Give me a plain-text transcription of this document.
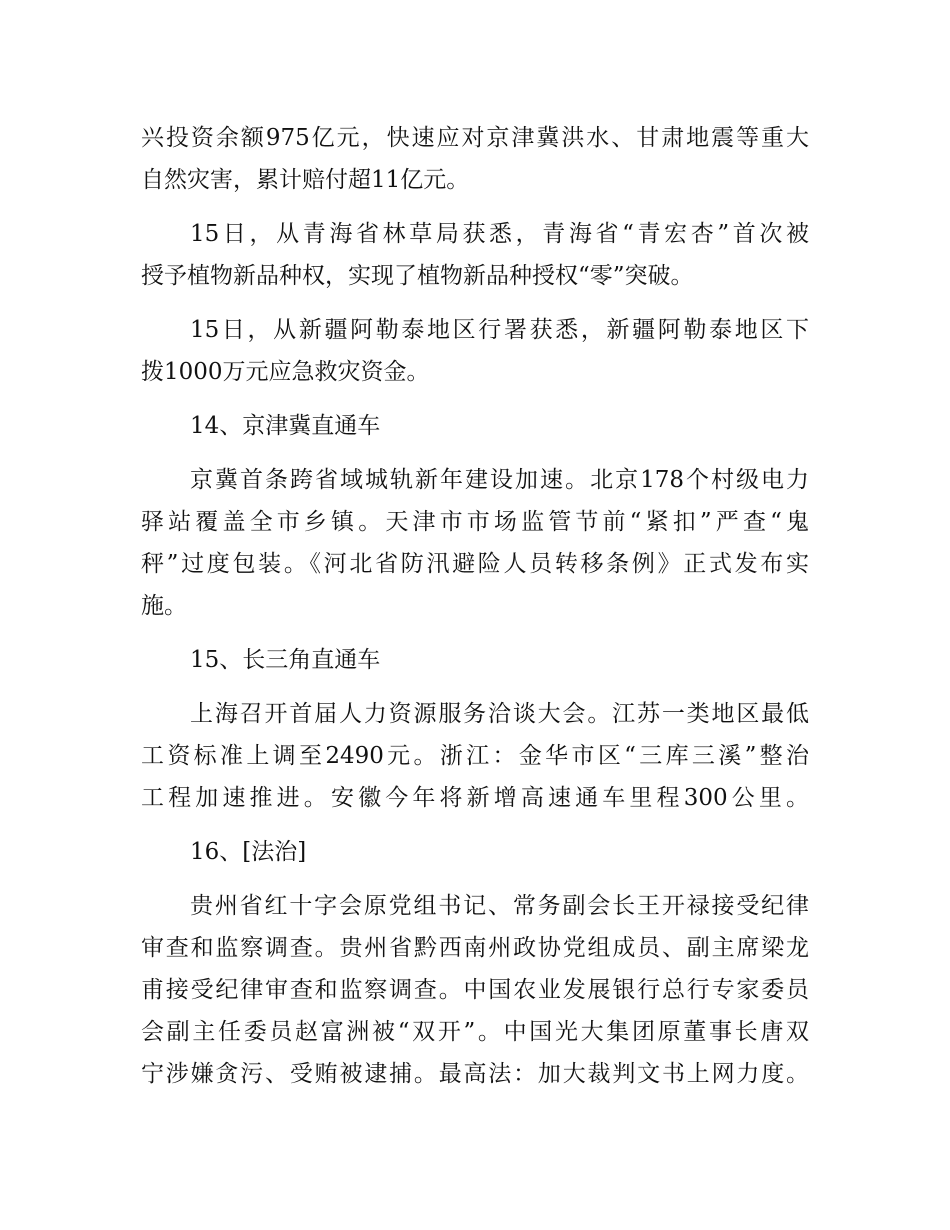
兴投资余额975亿元，快速应对京津冀洪水、甘肃地震等重大
自然灾害，累计赔付超11亿元。
15日，从青海省林草局获悉，青海省“青宏杏”首次被
授予植物新品种权，实现了植物新品种授权“零”突破。
15日，从新疆阿勒泰地区行署获悉，新疆阿勒泰地区下
拨1000万元应急救灾资金。
14、京津冀直通车
京冀首条跨省域城轨新年建设加速。北京178个村级电力
驿站覆盖全市乡镇。天津市市场监管节前“紧扣”严查“鬼
秤”过度包装。《河北省防汛避险人员转移条例》正式发布实
施。
15、长三角直通车
上海召开首届人力资源服务洽谈大会。江苏一类地区最低
工资标准上调至2490元。浙江：金华市区“三库三溪”整治
工程加速推进。安徽今年将新增高速通车里程300公里。
16、[法治]
贵州省红十字会原党组书记、常务副会长王开禄接受纪律
审查和监察调查。贵州省黔西南州政协党组成员、副主席梁龙
甫接受纪律审查和监察调查。中国农业发展银行总行专家委员
会副主任委员赵富洲被“双开”。中国光大集团原董事长唐双
宁涉嫌贪污、受贿被逮捕。最高法：加大裁判文书上网力度。
